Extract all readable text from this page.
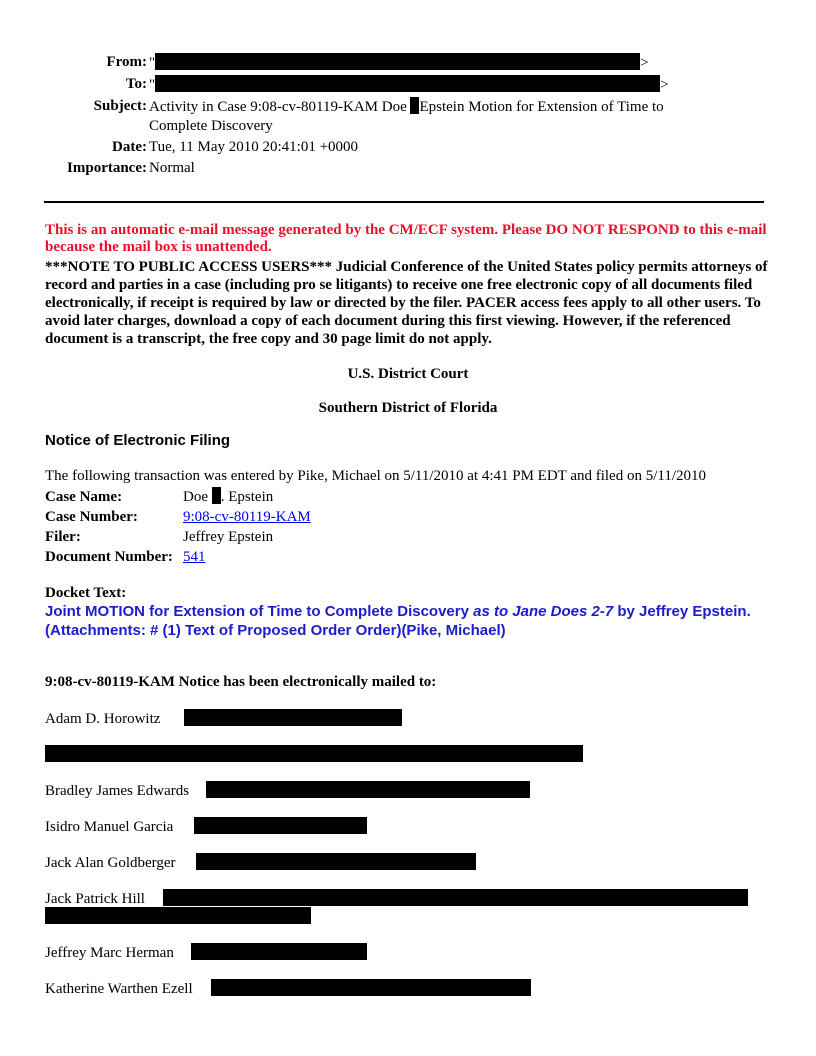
From: "	>
To: "	>
Subject: Activity in Case 9:08-cv-80119-KAM Doe Epstein Motion for Extension of Time to
Complete Discovery
Date: Tue, 11 May 2010 20:41:01 +0000
Importance: Normal
This is an automatic e-mail message generated by the CM/ECF system. Please DO NOT RESPOND to this e-mail because the mail box is unattended.
***NOTE TO PUBLIC ACCESS USERS*** Judicial Conference of the United States policy permits attorneys of record and parties in a case (including pro se litigants) to receive one free electronic copy of all documents filed electronically, if receipt is required by law or directed by the filer. PACER access fees apply to all other users. To avoid later charges, download a copy of each document during this first viewing. However, if the referenced document is a transcript, the free copy and 30 page limit do not apply.
U.S. District Court
Southern District of Florida
Notice of Electronic Filing
The following transaction was entered by Pike, Michael on 5/11/2010 at 4:41 PM EDT and filed on 5/11/2010
Case Name:	Doe . Epstein
Case Number:	9:08-cv-80119-KAM
Filer:	Jeffrey Epstein
Document Number:	541
Docket Text:
Joint MOTION for Extension of Time to Complete Discovery as to Jane Does 2-7 by Jeffrey Epstein. (Attachments: # (1) Text of Proposed Order Order)(Pike, Michael)
9:08-cv-80119-KAM Notice has been electronically mailed to:
Adam D. Horowitz
Bradley James Edwards
Isidro Manuel Garcia
Jack Alan Goldberger
Jack Patrick Hill
Jeffrey Marc Herman
Katherine Warthen Ezell
